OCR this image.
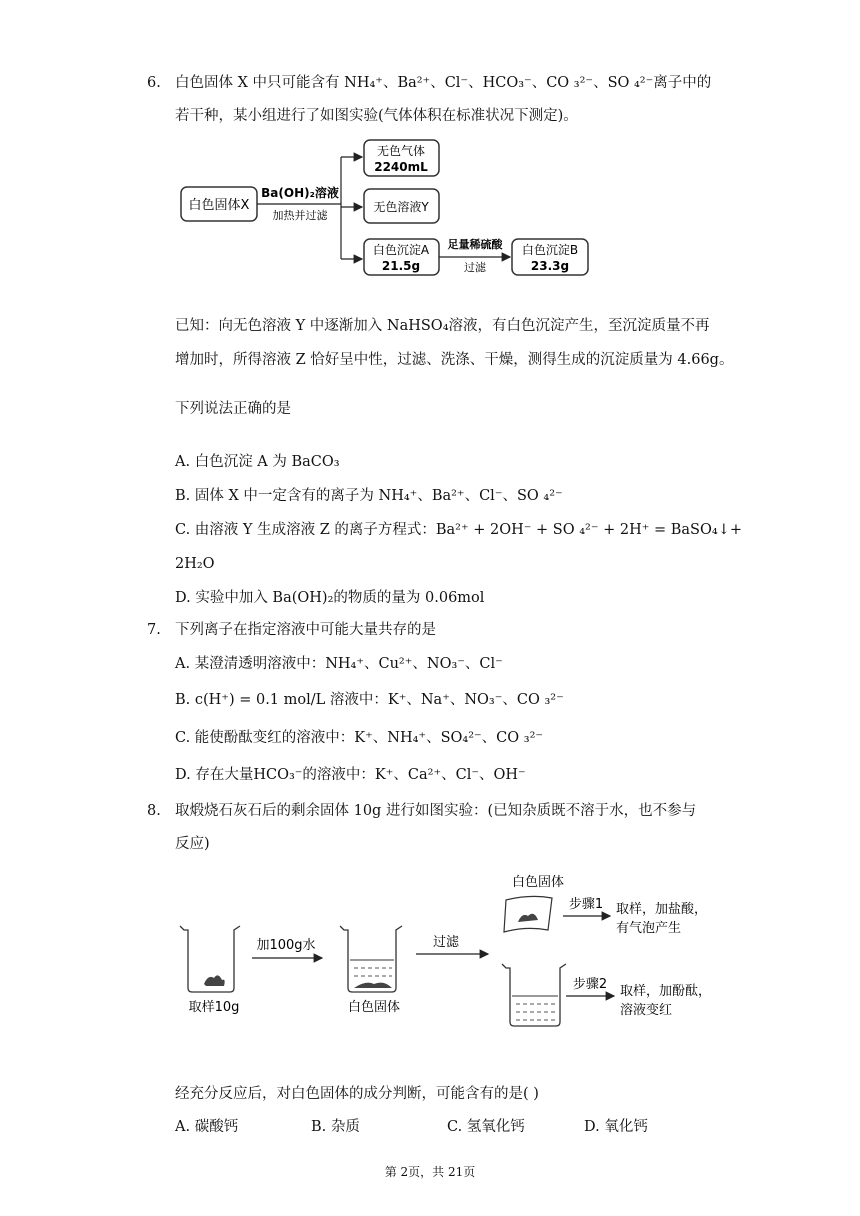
6. 白色固体 X 中只可能含有 NH₄⁺、Ba²⁺、Cl⁻、HCO₃⁻、CO ₃²⁻、SO ₄²⁻离子中的
若干种，某小组进行了如图实验(气体体积在标准状况下测定)。
白色固体X
Ba(OH)₂溶液
加热并过滤
无色气体
2240mL
无色溶液Y
白色沉淀A
21.5g
足量稀硫酸
过滤
白色沉淀B
23.3g
已知：向无色溶液 Y 中逐渐加入 NaHSO₄溶液，有白色沉淀产生，至沉淀质量不再
增加时，所得溶液 Z 恰好呈中性，过滤、洗涤、干燥，测得生成的沉淀质量为 4.66g。
下列说法正确的是
A. 白色沉淀 A 为 BaCO₃
B. 固体 X 中一定含有的离子为 NH₄⁺、Ba²⁺、Cl⁻、SO ₄²⁻
C. 由溶液 Y 生成溶液 Z 的离子方程式：Ba²⁺ + 2OH⁻ + SO ₄²⁻ + 2H⁺ = BaSO₄↓+
2H₂O
D. 实验中加入 Ba(OH)₂的物质的量为 0.06mol
7. 下列离子在指定溶液中可能大量共存的是
A. 某澄清透明溶液中：NH₄⁺、Cu²⁺、NO₃⁻、Cl⁻
B. c(H⁺) = 0.1 mol/L 溶液中：K⁺、Na⁺、NO₃⁻、CO ₃²⁻
C. 能使酚酞变红的溶液中：K⁺、NH₄⁺、SO₄²⁻、CO ₃²⁻
D. 存在大量HCO₃⁻的溶液中：K⁺、Ca²⁺、Cl⁻、OH⁻
8. 取煅烧石灰石后的剩余固体 10g 进行如图实验：(已知杂质既不溶于水，也不参与
反应)
取样10g
加100g水
白色固体
过滤
白色固体
步骤1 取样，加盐酸，
有气泡产生
步骤2 取样，加酚酞，
溶液变红
经充分反应后，对白色固体的成分判断，可能含有的是( )
A. 碳酸钙	B. 杂质	C. 氢氧化钙	D. 氧化钙
第 2页，共 21页
